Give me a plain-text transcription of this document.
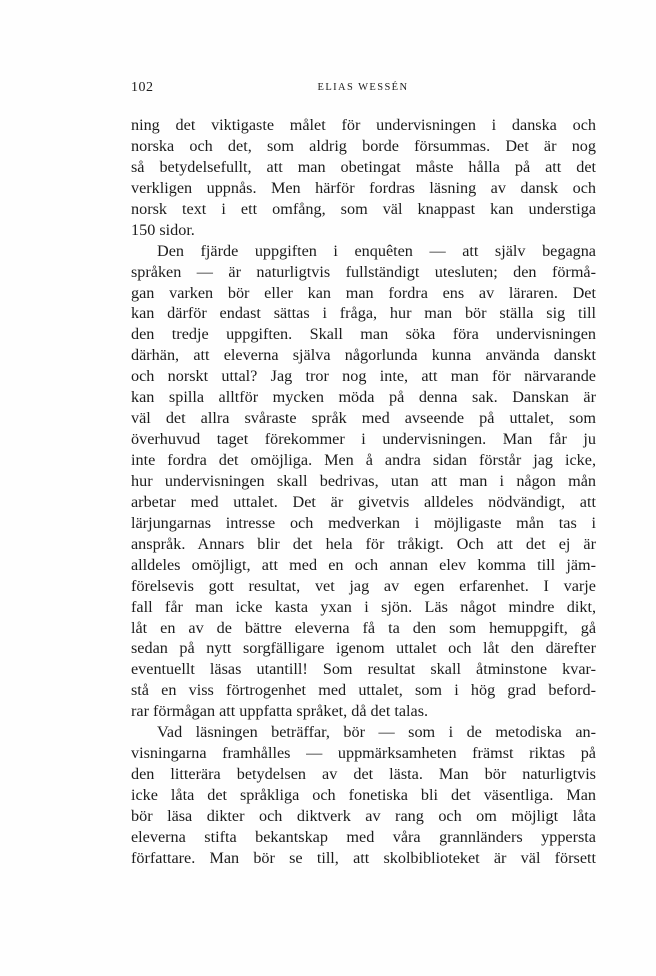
102	ELIAS WESSÉN
ning det viktigaste målet för undervisningen i danska och
norska och det, som aldrig borde försummas. Det är nog
så betydelsefullt, att man obetingat måste hålla på att det
verkligen uppnås. Men härför fordras läsning av dansk och
norsk text i ett omfång, som väl knappast kan understiga
150 sidor.
Den fjärde uppgiften i enquêten — att själv begagna
språken — är naturligtvis fullständigt utesluten; den förmå-
gan varken bör eller kan man fordra ens av läraren. Det
kan därför endast sättas i fråga, hur man bör ställa sig till
den tredje uppgiften. Skall man söka föra undervisningen
därhän, att eleverna själva någorlunda kunna använda danskt
och norskt uttal? Jag tror nog inte, att man för närvarande
kan spilla alltför mycken möda på denna sak. Danskan är
väl det allra svåraste språk med avseende på uttalet, som
överhuvud taget förekommer i undervisningen. Man får ju
inte fordra det omöjliga. Men å andra sidan förstår jag icke,
hur undervisningen skall bedrivas, utan att man i någon mån
arbetar med uttalet. Det är givetvis alldeles nödvändigt, att
lärjungarnas intresse och medverkan i möjligaste mån tas i
anspråk. Annars blir det hela för tråkigt. Och att det ej är
alldeles omöjligt, att med en och annan elev komma till jäm-
förelsevis gott resultat, vet jag av egen erfarenhet. I varje
fall får man icke kasta yxan i sjön. Läs något mindre dikt,
låt en av de bättre eleverna få ta den som hemuppgift, gå
sedan på nytt sorgfälligare igenom uttalet och låt den därefter
eventuellt läsas utantill! Som resultat skall åtminstone kvar-
stå en viss förtrogenhet med uttalet, som i hög grad beford-
rar förmågan att uppfatta språket, då det talas.
Vad läsningen beträffar, bör — som i de metodiska an-
visningarna framhålles — uppmärksamheten främst riktas på
den litterära betydelsen av det lästa. Man bör naturligtvis
icke låta det språkliga och fonetiska bli det väsentliga. Man
bör läsa dikter och diktverk av rang och om möjligt låta
eleverna stifta bekantskap med våra grannländers yppersta
författare. Man bör se till, att skolbiblioteket är väl försett
